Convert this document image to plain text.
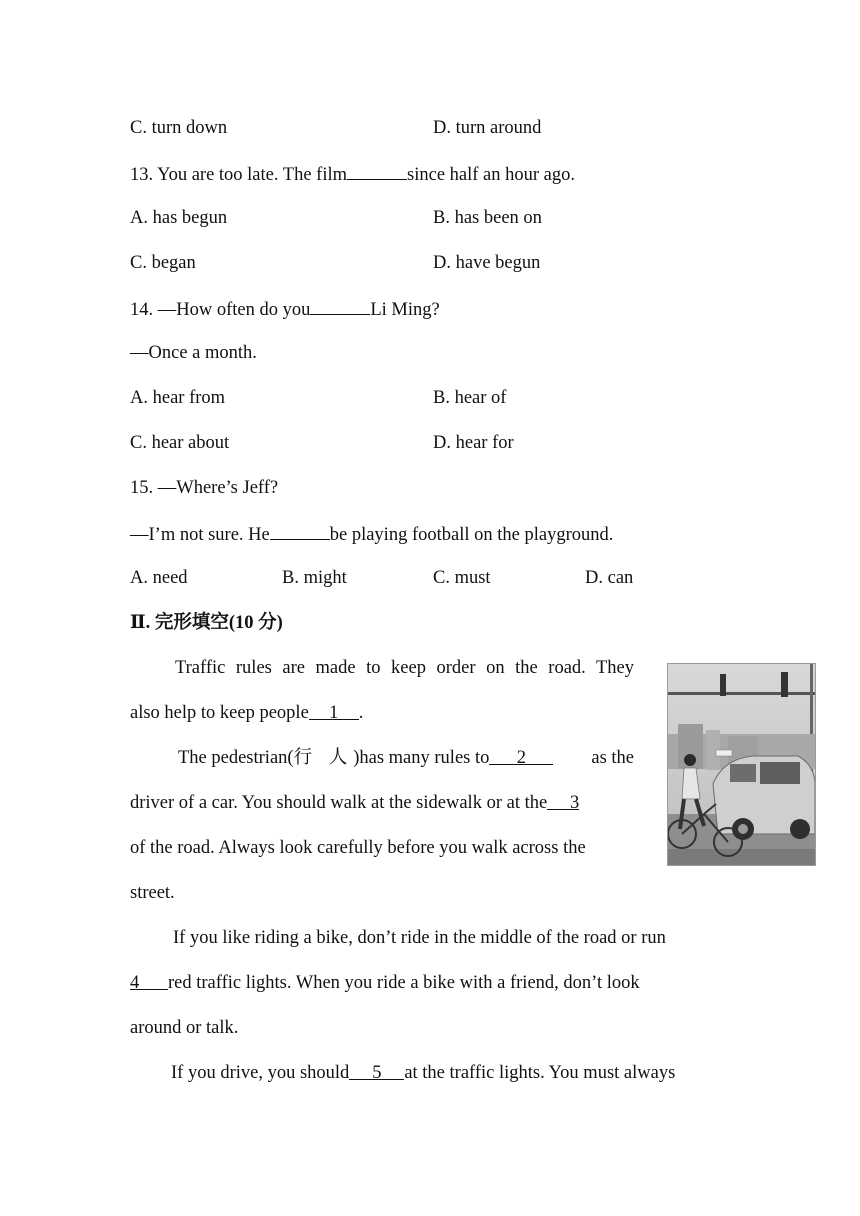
C. turn down	D. turn around
13. You are too late. The film	since half an hour ago.
A. has begun	B. has been on
C. began	D. have begun
14. —How often do you	Li Ming?
—Once a month.
A. hear from	B. hear of
C. hear about	D. hear for
15. —Where’s Jeff?
—I’m not sure. He	be playing football on the playground.
A. need	B. might	C. must	D. can
Ⅱ. 完形填空(10 分)
Traffic rules are made to keep order on the road. They
also help to keep people 1 .
The pedestrian(行 人)has many rules to 2	as the
driver of a car. You should walk at the sidewalk or at the 3
of the road. Always look carefully before you walk across the
street.
If you like riding a bike, don’t ride in the middle of the road or run
4 red traffic lights. When you ride a bike with a friend, don’t look
around or talk.
If you drive, you should 5 at the traffic lights. You must always
